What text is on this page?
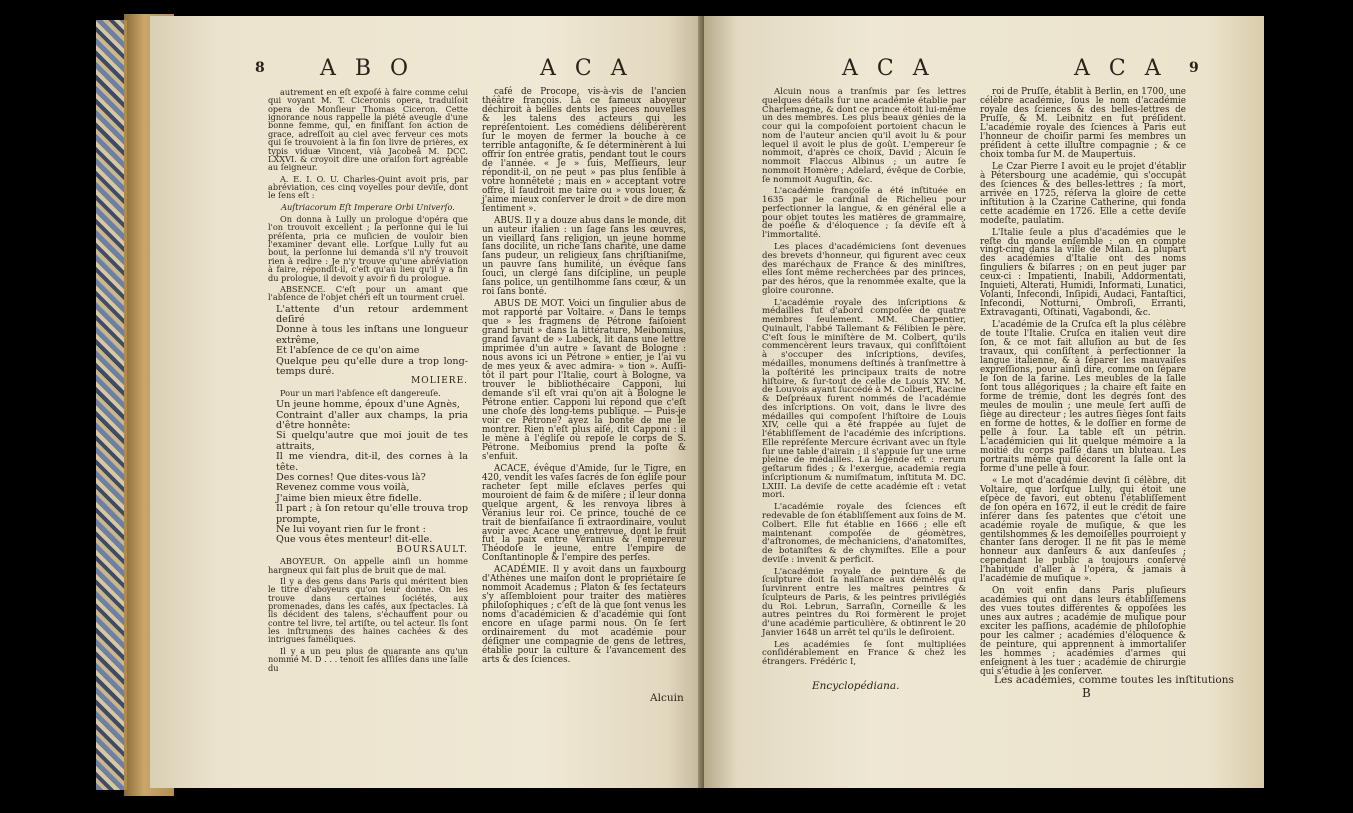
8	A B O	A C A

autrement en eſt expoſé à faire comme celui qui voyant M. T. Ciceronis opera, traduiſoit opera de Monſieur Thomas Ciceron. Cette ignorance nous rappelle la piété aveugle d'une bonne femme, qui, en finiſſant ſon action de grace, adreſſoit au ciel avec ferveur ces mots qui ſe trouvoient à la fin ſon livre de prières, ex typis viduæ Vincent, vià Jacobeâ M. DCC. LXXVI. & croyoit dire une oraiſon fort agréable au ſeigneur.

A. E. I. O. U. Charles-Quint avoit pris, par abréviation, ces cinq voyelles pour deviſe, dont le ſens eſt :

Auſtriacorum Eſt Imperare Orbi Univerſo.

On donna à Lully un prologue d'opéra que l'on trouvoit excellent ; la perſonne qui le lui préſenta, pria ce muſicien de vouloir bien l'examiner devant elle. Lorſque Lully fut au bout, la perſonne lui demanda s'il n'y trouvoit rien à redire : Je n'y trouve qu'une abréviation à faire, répondit-il, c'eſt qu'au lieu qu'il y a fin du prologue, il devoit y avoir fi du prologue.

ABSENCE. C'eſt pour un amant que l'abſence de l'objet chéri eſt un tourment cruel.

L'attente d'un retour ardemment deſiré

Donne à tous les inſtans une longueur extrême,

Et l'abſence de ce qu'on aime

Quelque peu qu'elle dure a trop long-temps duré.

MOLIERE.

Pour un mari l'abſence eſt dangereuſe.

Un jeune homme, époux d'une Agnès,

Contraint d'aller aux champs, la pria d'être honnête:

Si quelqu'autre que moi jouit de tes attraits,

Il me viendra, dit-il, des cornes à la tête.

Des cornes! Que dites-vous là?

Revenez comme vous voilà,

J'aime bien mieux être fidelle.

Il part ; à ſon retour qu'elle trouva trop prompte,

Ne lui voyant rien ſur le front :

Que vous êtes menteur! dit-elle.

BOURSAULT.

ABOYEUR. On appelle ainſi un homme hargneux qui fait plus de bruit que de mal.

Il y a des gens dans Paris qui méritent bien le titre d'aboyeurs qu'on leur donne. On les trouve dans certaines ſociétés, aux promenades, dans les cafés, aux ſpectacles. Là ils décident des talens, s'échauffent pour ou contre tel livre, tel artiſte, ou tel acteur. Ils ſont les inſtrumens des haines cachées & des intrigues faméliques.

Il y a un peu plus de quarante ans qu'un nommé M. D . . . tenoit ſes aſſiſes dans une ſalle du

café de Procope, vis-à-vis de l'ancien théâtre françois. Là ce fameux aboyeur déchiroit à belles dents les pieces nouvelles & les talens des acteurs qui les repréſentoient. Les comédiens délibérèrent ſur le moyen de fermer la bouche à ce terrible antagoniſte, & ſe déterminèrent à lui offrir ſon entrée gratis, pendant tout le cours de l'année. « Je » ſuis, Meſſieurs, leur répondit-il, on ne peut » pas plus ſenſible à votre honnêteté ; mais en » acceptant votre offre, il faudroit me taire ou » vous louer, & j'aime mieux conſerver le droit » de dire mon ſentiment ».

ABUS. Il y a douze abus dans le monde, dit un auteur italien : un ſage ſans les œuvres, un vieillard ſans religion, un jeune homme ſans docilité, un riche ſans charité, une dame ſans pudeur, un religieux ſans chriſtianiſme, un pauvre ſans humilité, un évêque ſans ſouci, un clergé ſans diſcipline, un peuple ſans police, un gentilhomme ſans cœur, & un roi ſans bonté.

ABUS DE MOT. Voici un ſingulier abus de mot rapporté par Voltaire. « Dans le temps que » les fragmens de Pétrone faiſoient grand bruit » dans la littérature, Meibomius, grand ſavant de » Lubeck, lit dans une lettre imprimée d'un autre » ſavant de Bologne : nous avons ici un Pétrone » entier, je l'ai vu de mes yeux & avec admira- » tion ». Auſſi-tôt il part pour l'Italie, court à Bologne, va trouver le bibliothécaire Capponi, lui demande s'il eſt vrai qu'on ait à Bologne le Pétrone entier. Capponi lui répond que c'eſt une choſe dès long-tems publique. — Puis-je voir ce Pétrone? ayez la bonté de me le montrer. Rien n'eſt plus aiſé, dit Capponi : il le mène à l'égliſe où repoſe le corps de S. Pétrone. Meibomius prend la poſte & s'enfuit.

ACACE, évêque d'Amide, ſur le Tigre, en 420, vendit les vaſes ſacrés de ſon égliſe pour racheter ſept mille eſclaves perſes qui mouroient de faim & de miſère ; il leur donna quelque argent, & les renvoya libres à Véranius leur roi. Ce prince, touché de ce trait de bienfaiſance ſi extraordinaire, voulut avoir avec Acace une entrevue, dont le fruit fut la paix entre Véranius & l'empereur Théodoſe le jeune, entre l'empire de Conſtantinople & l'empire des perſes.

ACADÉMIE. Il y avoit dans un fauxbourg d'Athènes une maiſon dont le propriétaire ſe nommoit Academus ; Platon & ſes ſectateurs s'y aſſembloient pour traiter des matières philoſophiques ; c'eſt de là que ſont venus les noms d'académicien & d'académie qui ſont encore en uſage parmi nous. On ſe ſert ordinairement du mot académie pour déſigner une compagnie de gens de lettres, établie pour la culture & l'avancement des arts & des ſciences.

Alcuin
A C A	A C A 9

Alcuin nous a tranſmis par ſes lettres quelques détails ſur une académie établie par Charlemagne, & dont ce prince étoit lui-même un des membres. Les plus beaux génies de la cour qui la compoſoient portoient chacun le nom de l'auteur ancien qu'il avoit lu & pour lequel il avoit le plus de goût. L'empereur ſe nommoit, d'après ce choix, David ; Alcuin ſe nommoit Flaccus Albinus ; un autre ſe nommoit Homère ; Adelard, évêque de Corbie, ſe nommoit Auguſtin, &c.

L'académie françoiſe a été inſtituée en 1635 par le cardinal de Richelieu pour perfectionner la langue, & en général elle a pour objet toutes les matières de grammaire, de poéſie & d'éloquence ; ſa deviſe eſt à l'immortalité.

Les places d'académiciens ſont devenues des brevets d'honneur, qui figurent avec ceux des maréchaux de France & des miniſtres, elles ſont même recherchées par des princes, par des héros, que la renommée exalte, que la gloire couronne.

L'académie royale des inſcriptions & médailles fut d'abord compoſée de quatre membres ſeulement. MM. Charpentier, Quinault, l'abbé Tallemant & Félibien le père. C'eſt ſous le miniſtère de M. Colbert, qu'ils commencèrent leurs travaux, qui conſiſtoient à s'occuper des inſcriptions, deviſes, médailles, monumens deſtinés à tranſmettre à la poſtérité les principaux traits de notre hiſtoire, & ſur-tout de celle de Louis XIV. M. de Louvois ayant ſuccédé à M. Colbert, Racine & Deſpréaux furent nommés de l'académie des inſcriptions. On voit, dans le livre des médailles qui compoſent l'hiſtoire de Louis XIV, celle qui a été frappée au ſujet de l'établiſſement de l'académie des inſcriptions. Elle repréſente Mercure écrivant avec un ſtyle ſur une table d'airain ; il s'appuie ſur une urne pleine de médailles. La légende eſt : rerum geſtarum fides ; & l'exergue, academia regia inſcriptionum & numiſmatum, inſtituta M. DC. LXIII. La deviſe de cette académie eſt : vetat mori.

L'académie royale des ſciences eſt redevable de ſon établiſſement aux ſoins de M. Colbert. Elle fut établie en 1666 ; elle eſt maintenant compoſée de géomètres, d'aſtronomes, de méchaniciens, d'anatomiſtes, de botaniſtes & de chymiſtes. Elle a pour deviſe : invenit & perficit.

L'académie royale de peinture & de ſculpture doit ſa naiſſance aux démêlés qui ſurvinrent entre les maîtres peintres & ſculpteurs de Paris, & les peintres privilégiés du Roi. Lebrun, Sarraſin, Corneille & les autres peintres du Roi formèrent le projet d'une académie particulière, & obtinrent le 20 Janvier 1648 un arrêt tel qu'ils le deſiroient.

Les académies ſe ſont multipliées conſidérablement en France & chez les étrangers. Frédéric I,

roi de Pruſſe, établit à Berlin, en 1700, une célèbre académie, ſous le nom d'académie royale des ſciences & des belles-lettres de Pruſſe, & M. Leibnitz en fut préſident. L'académie royale des ſciences à Paris eut l'honneur de choiſir parmi ſes membres un préſident à cette illuſtre compagnie ; & ce choix tomba ſur M. de Maupertuis.

Le Czar Pierre I avoit eu le projet d'établir à Pétersbourg une académie, qui s'occupât des ſciences & des belles-lettres ; ſa mort, arrivée en 1725, réſerva la gloire de cette inſtitution à la Czarine Catherine, qui fonda cette académie en 1726. Elle a cette deviſe modeſte, paulatim.

L'Italie ſeule a plus d'académies que le reſte du monde enſemble : on en compte vingt-cinq dans la ville de Milan. La plupart des académies d'Italie ont des noms ſinguliers & biſarres ; on en peut juger par ceux-ci : Impatienti, Inabili, Addormentati, Inquieti, Alterati, Humidi, Informati, Lunatici, Volanti, Infecondi, Inſipidi, Audaci, Fantaſtici, Infecondi, Notturni, Ombroſi, Erranti, Extravaganti, Oſtinati, Vagabondi, &c.

L'académie de la Cruſca eſt la plus célèbre de toute l'Italie. Cruſca en italien veut dire ſon, & ce mot fait alluſion au but de ſes travaux, qui conſiſtent à perfectionner la langue italienne, & à ſéparer les mauvaiſes expreſſions, pour ainſi dire, comme on ſépare le ſon de la farine. Les meubles de la ſalle ſont tous allégoriques ; la chaire eſt faite en forme de trémie, dont les degrés ſont des meules de moulin ; une meule ſert auſſi de ſiège au directeur ; les autres ſièges ſont faits en forme de hottes, & le doſſier en forme de pelle à four. La table eſt un pétrin. L'académicien qui lit quelque mémoire a la moitié du corps paſſé dans un bluteau. Les portraits même qui décorent la ſalle ont la forme d'une pelle à four.

« Le mot d'académie devint ſi célèbre, dit Voltaire, que lorſque Lully, qui étoit une eſpèce de favori, eut obtenu l'établiſſement de ſon opéra en 1672, il eut le crédit de faire inſérer dans ſes patentes que c'étoit une académie royale de muſique, & que les gentilshommes & les demoiſelles pourroient y chanter ſans déroger. Il ne fit pas le même honneur aux danſeurs & aux danſeuſes ; cependant le public a toujours conſervé l'habitude d'aller à l'opéra, & jamais à l'académie de muſique ».

On voit enfin dans Paris pluſieurs académies qui ont dans leurs établiſſemens des vues toutes différentes & oppoſées les unes aux autres ; académie de muſique pour exciter les paſſions, académie de philoſophie pour les calmer ; académies d'éloquence & de peinture, qui apprennent à immortaliſer les hommes ; académies d'armes qui enſeignent à les tuer ; académie de chirurgie qui s'étudie à les conſerver.

Encyclopédiana.	Les académies, comme toutes les inſtitutions
B
